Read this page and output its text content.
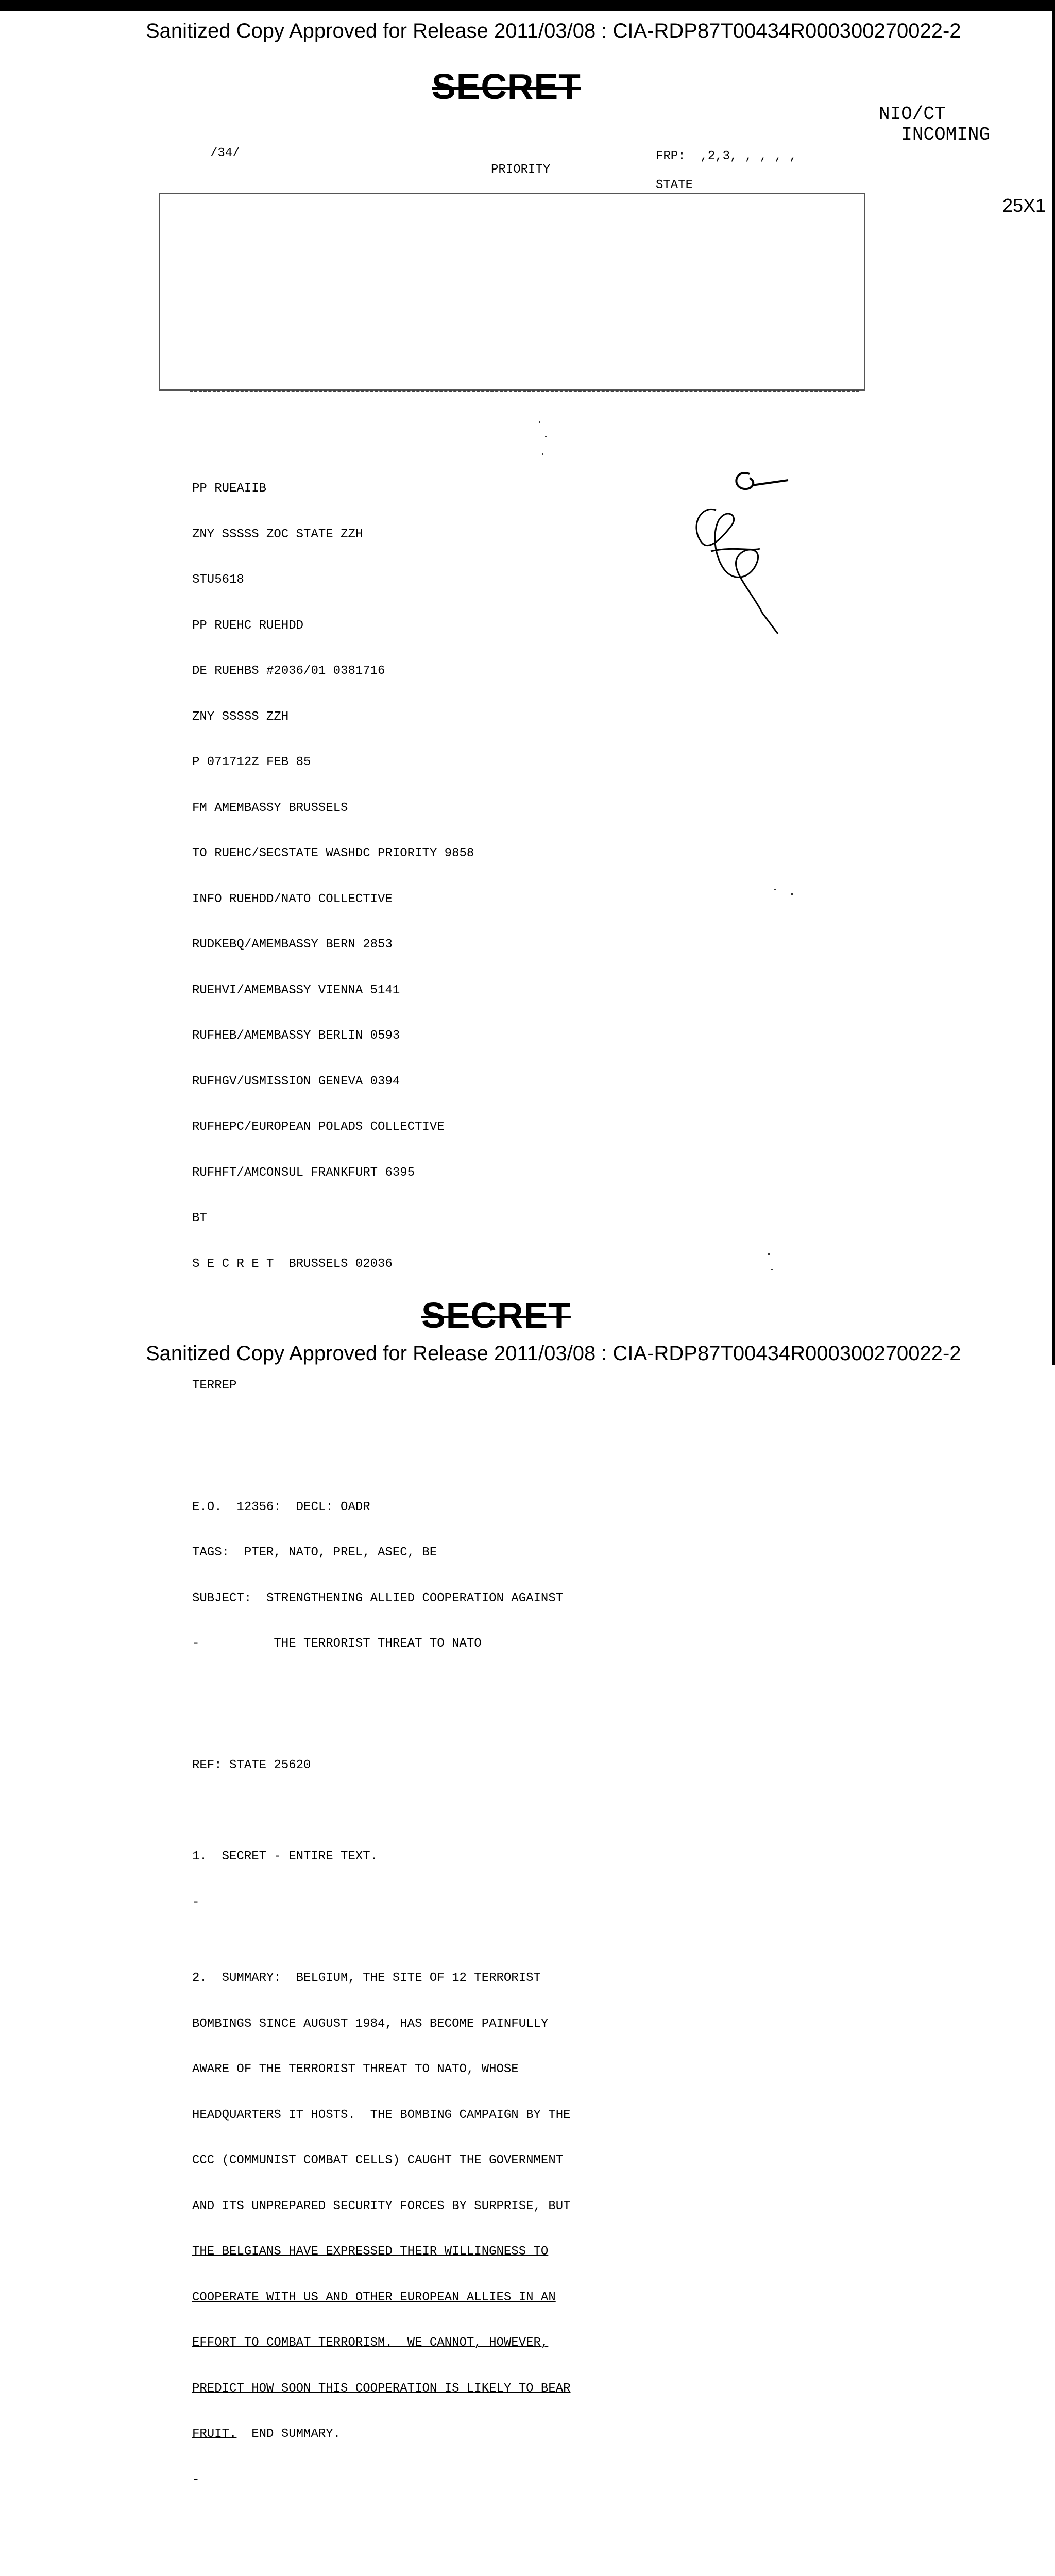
Sanitized Copy Approved for Release 2011/03/08 : CIA-RDP87T00434R000300270022-2
SECRET
NIO/CT
INCOMING
25X1
/34/
PRIORITY
FRP:  ,2,3, , , , ,
STATE

PP RUEAIIB

ZNY SSSSS ZOC STATE ZZH

STU5618

PP RUEHC RUEHDD

DE RUEHBS #2036/01 0381716

ZNY SSSSS ZZH

P 071712Z FEB 85

FM AMEMBASSY BRUSSELS

TO RUEHC/SECSTATE WASHDC PRIORITY 9858

INFO RUEHDD/NATO COLLECTIVE

RUDKEBQ/AMEMBASSY BERN 2853

RUEHVI/AMEMBASSY VIENNA 5141

RUFHEB/AMEMBASSY BERLIN 0593

RUFHGV/USMISSION GENEVA 0394

RUFHEPC/EUROPEAN POLADS COLLECTIVE

RUFHFT/AMCONSUL FRANKFURT 6395

BT

S E C R E T  BRUSSELS 02036

TERREP

E.O.  12356:  DECL: OADR

TAGS:  PTER, NATO, PREL, ASEC, BE

SUBJECT:  STRENGTHENING ALLIED COOPERATION AGAINST

-          THE TERRORIST THREAT TO NATO

REF: STATE 25620

1.  SECRET - ENTIRE TEXT.

-

2.  SUMMARY:  BELGIUM, THE SITE OF 12 TERRORIST

BOMBINGS SINCE AUGUST 1984, HAS BECOME PAINFULLY

AWARE OF THE TERRORIST THREAT TO NATO, WHOSE

HEADQUARTERS IT HOSTS.  THE BOMBING CAMPAIGN BY THE

CCC (COMMUNIST COMBAT CELLS) CAUGHT THE GOVERNMENT

AND ITS UNPREPARED SECURITY FORCES BY SURPRISE, BUT

THE BELGIANS HAVE EXPRESSED THEIR WILLINGNESS TO

COOPERATE WITH US AND OTHER EUROPEAN ALLIES IN AN

EFFORT TO COMBAT TERRORISM.  WE CANNOT, HOWEVER,

PREDICT HOW SOON THIS COOPERATION IS LIKELY TO BEAR

FRUIT.  END SUMMARY.

-

SECRET
Sanitized Copy Approved for Release 2011/03/08 : CIA-RDP87T00434R000300270022-2
